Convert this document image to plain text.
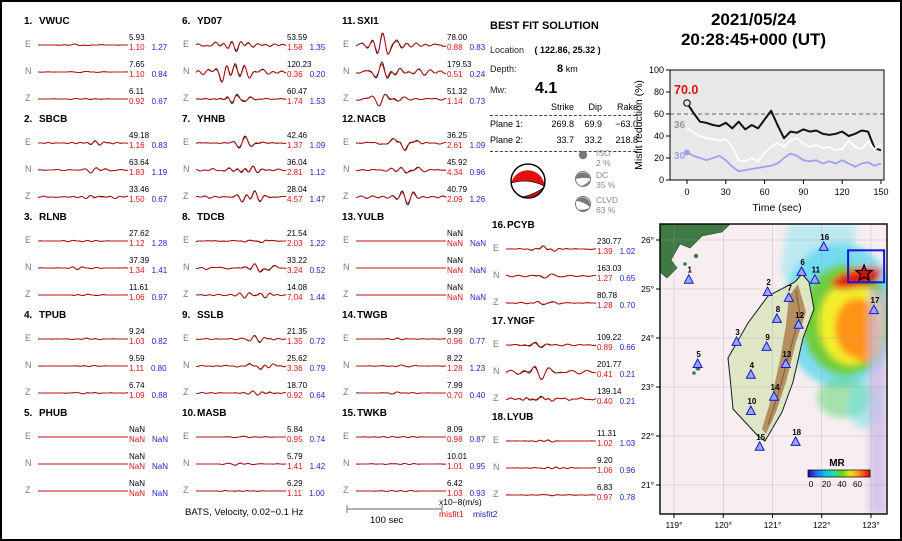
2021/05/24
20:28:45+000 (UT)
1. VWUC
E
5.93
1.10 1.27
N
7.65
1.10 0.84
Z
6.11
0.92 0.67
2. SBCB
E
49.18
1.16 0.83
N
63.64
1.83 1.19
Z
33.46
1.50 0.67
3. RLNB
E
27.62
1.12 1.28
N
37.39
1.34 1.41
Z
11.61
1.06 0.97
4. TPUB
E
9.24
1.03 0.82
N
9.59
1.11 0.80
Z
6.74
1.09 0.88
5. PHUB
E
NaN
NaN NaN
N
NaN
NaN NaN
Z
NaN
NaN NaN
6. YD07
E
53.59
1.58 1.35
N
120.23
0.36 0.20
Z
60.47
1.74 1.53
7. YHNB
E
42.46
1.37 1.09
N
36.04
2.81 1.12
Z
28.04
4.57 1.47
8. TDCB
E
21.54
2.03 1.22
N
33.22
3.24 0.52
Z
14.08
7.04 1.44
9. SSLB
E
21.35
1.35 0.72
N
25.62
3.36 0.79
Z
18.70
0.92 0.64
10.MASB
E
5.84
0.95 0.74
N
5.79
1.41 1.42
Z
6.29
1.11 1.00
11. SXI1
E
78.00
0.88 0.83
N
179.53
0.51 0.24
Z
51.32
1.14 0.73
12.NACB
E
36.25
2.61 1.09
N
45.92
4.34 0.96
Z
40.79
2.09 1.26
13.YULB
E
NaN
NaN NaN
N
NaN
NaN NaN
Z
NaN
NaN NaN
14.TWGB
E
9.99
0.96 0.77
N
8.22
1.28 1.23
Z
7.99
0.70 0.40
15.TWKB
E
8.09
0.98 0.87
N
10.01
1.01 0.95
Z
6.42
1.03 0.93
16.PCYB
E
230.77
1.39 1.02
N
163.03
1.27 0.65
Z
80.78
1.28 0.70
17.YNGF
E
109.22
0.89 0.66
N
201.77
0.41 0.21
Z
139.14
0.40 0.21
18.LYUB
E
11.31
1.02 1.03
N
9.20
1.06 0.96
Z
6.83
0.97 0.78
BEST FIT SOLUTION
Location ( 122.86, 25.32 )
Depth:	8 km
Mw: 4.1
Strike Dip Rake
Plane 1:	269.8 69.9 −63.0
Plane 2:	33.7 33.2 218.8
ISO
2 %
DC
35 %
CLVD
63 %
100
80
60
40
20
0
0	30	60	90	120	150
Time (sec)
Misfit reduction (%) 70.0
36
30
1
2
3
4
5
6
7
8
9
10
11
12
13
14
15
16
17
18
26°
25°
24°
23°
22°
21°
119°	120°	121°	122°	123°
MR
0 20 40 60
BATS, Velocity, 0.02−0.1 Hz
100 sec
x10−8(m/s)
misfit1 misfit2
